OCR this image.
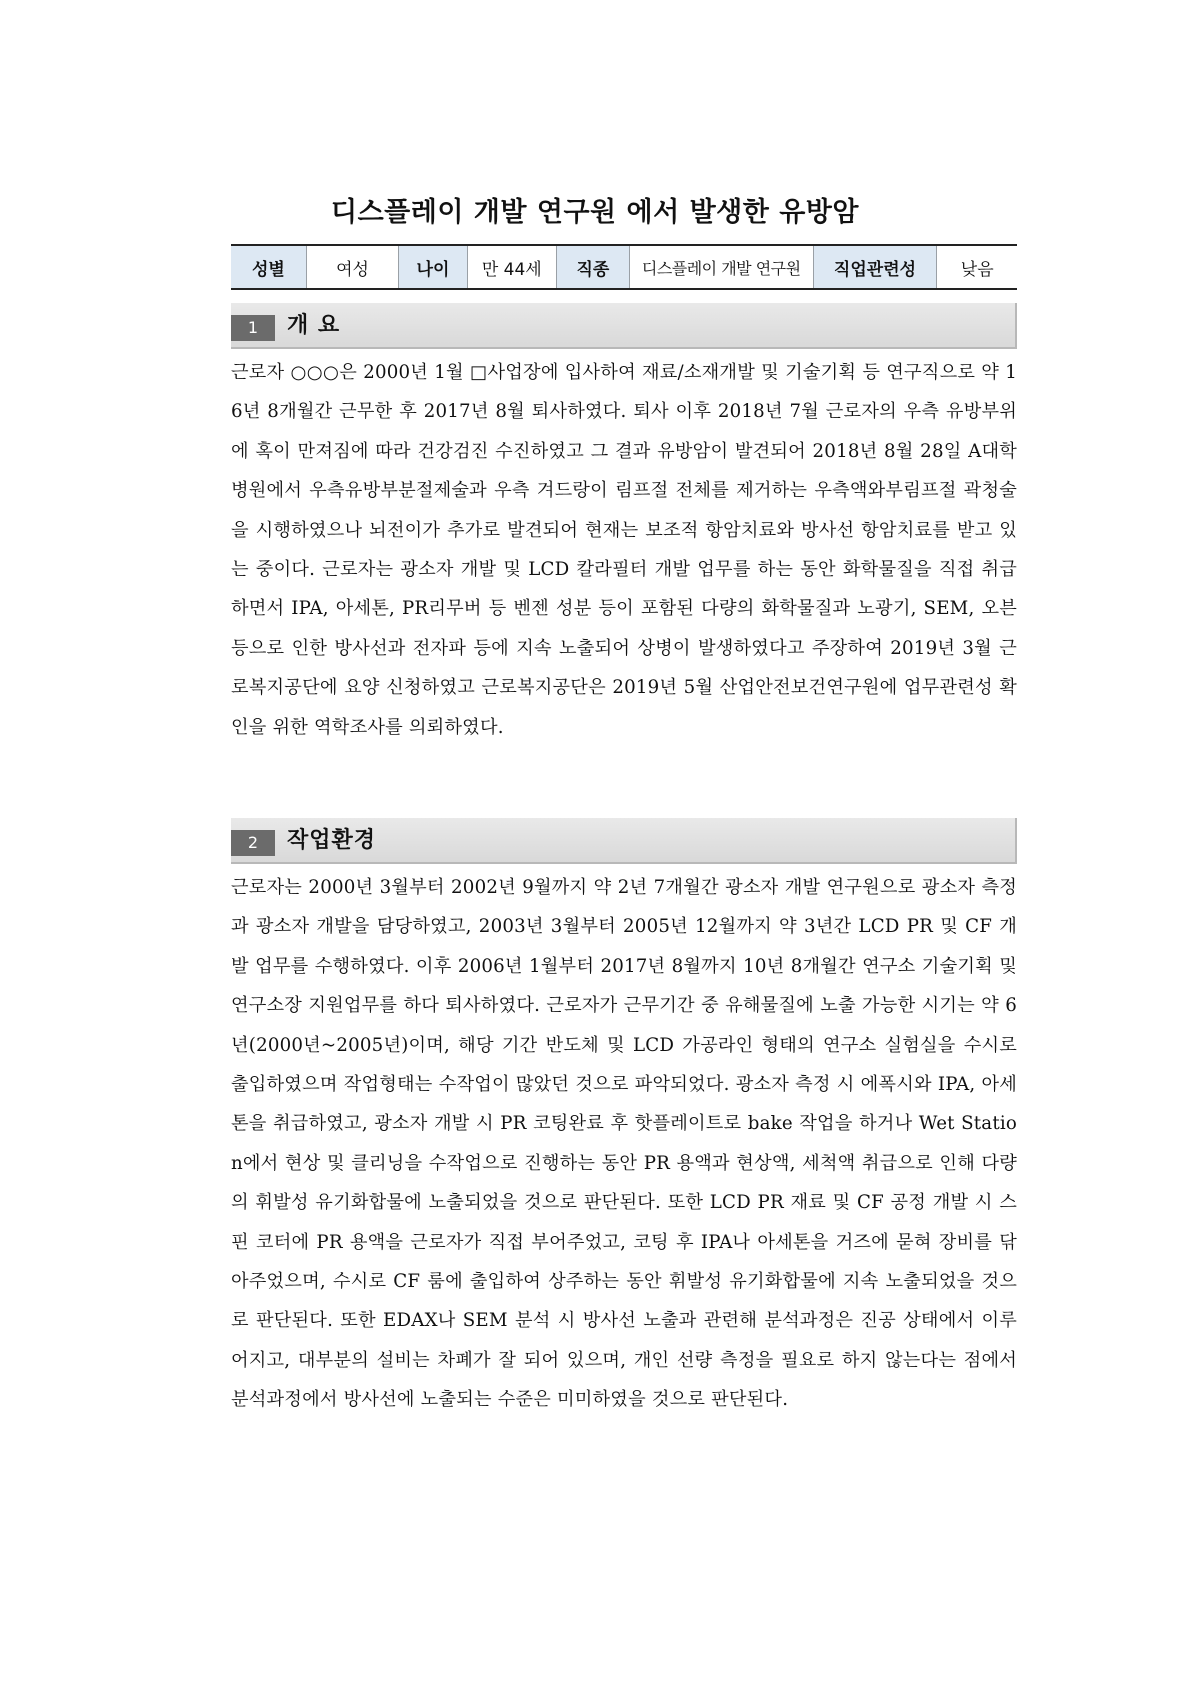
디스플레이 개발 연구원 에서 발생한 유방암
성별	여성	나이	만 44세	직종	디스플레이 개발 연구원	직업관련성	낮음
1	개 요

근로자 ○○○은 2000년 1월 □사업장에 입사하여 재료/소재개발 및 기술기획 등 연구직으로 약 16년 8개월간 근무한 후 2017년 8월 퇴사하였다. 퇴사 이후 2018년 7월 근로자의 우측 유방부위에 혹이 만져짐에 따라 건강검진 수진하였고 그 결과 유방암이 발견되어 2018년 8월 28일 A대학병원에서 우측유방부분절제술과 우측 겨드랑이 림프절 전체를 제거하는 우측액와부림프절 곽청술을 시행하였으나 뇌전이가 추가로 발견되어 현재는 보조적 항암치료와 방사선 항암치료를 받고 있는 중이다. 근로자는 광소자 개발 및 LCD 칼라필터 개발 업무를 하는 동안 화학물질을 직접 취급하면서 IPA, 아세톤, PR리무버 등 벤젠 성분 등이 포함된 다량의 화학물질과 노광기, SEM, 오븐 등으로 인한 방사선과 전자파 등에 지속 노출되어 상병이 발생하였다고 주장하여 2019년 3월 근로복지공단에 요양 신청하였고 근로복지공단은 2019년 5월 산업안전보건연구원에 업무관련성 확인을 위한 역학조사를 의뢰하였다.

2	작업환경

근로자는 2000년 3월부터 2002년 9월까지 약 2년 7개월간 광소자 개발 연구원으로 광소자 측정과 광소자 개발을 담당하였고, 2003년 3월부터 2005년 12월까지 약 3년간 LCD PR 및 CF 개발 업무를 수행하였다. 이후 2006년 1월부터 2017년 8월까지 10년 8개월간 연구소 기술기획 및 연구소장 지원업무를 하다 퇴사하였다. 근로자가 근무기간 중 유해물질에 노출 가능한 시기는 약 6년(2000년~2005년)이며, 해당 기간 반도체 및 LCD 가공라인 형태의 연구소 실험실을 수시로 출입하였으며 작업형태는 수작업이 많았던 것으로 파악되었다. 광소자 측정 시 에폭시와 IPA, 아세톤을 취급하였고, 광소자 개발 시 PR 코팅완료 후 핫플레이트로 bake 작업을 하거나 Wet Station에서 현상 및 클리닝을 수작업으로 진행하는 동안 PR 용액과 현상액, 세척액 취급으로 인해 다량의 휘발성 유기화합물에 노출되었을 것으로 판단된다. 또한 LCD PR 재료 및 CF 공정 개발 시 스핀 코터에 PR 용액을 근로자가 직접 부어주었고, 코팅 후 IPA나 아세톤을 거즈에 묻혀 장비를 닦아주었으며, 수시로 CF 룸에 출입하여 상주하는 동안 휘발성 유기화합물에 지속 노출되었을 것으로 판단된다. 또한 EDAX나 SEM 분석 시 방사선 노출과 관련해 분석과정은 진공 상태에서 이루어지고, 대부분의 설비는 차폐가 잘 되어 있으며, 개인 선량 측정을 필요로 하지 않는다는 점에서 분석과정에서 방사선에 노출되는 수준은 미미하였을 것으로 판단된다.
